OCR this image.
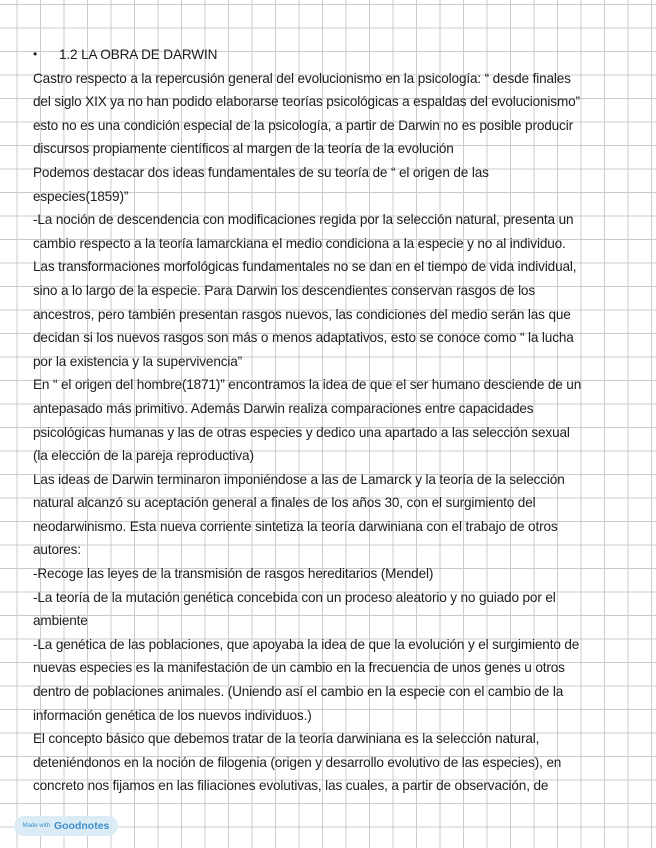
•	1.2 LA OBRA DE DARWIN
Castro respecto a la repercusión general del evolucionismo en la psicología: “ desde finales
del siglo XIX ya no han podido elaborarse teorías psicológicas a espaldas del evolucionismo”
esto no es una condición especial de la psicología, a partir de Darwin no es posible producir
discursos propiamente científicos al margen de la teoría de la evolución
Podemos destacar dos ideas fundamentales de su teoría de “ el origen de las
especies(1859)”
-La noción de descendencia con modificaciones regida por la selección natural, presenta un
cambio respecto a la teoría lamarckiana el medio condiciona a la especie y no al individuo.
Las transformaciones morfológicas fundamentales no se dan en el tiempo de vida individual,
sino a lo largo de la especie. Para Darwin los descendientes conservan rasgos de los
ancestros, pero también presentan rasgos nuevos, las condiciones del medio serán las que
decidan si los nuevos rasgos son más o menos adaptativos, esto se conoce como “ la lucha
por la existencia y la supervivencia”
En “ el origen del hombre(1871)” encontramos la idea de que el ser humano desciende de un
antepasado más primitivo. Además Darwin realiza comparaciones entre capacidades
psicológicas humanas y las de otras especies y dedico una apartado a las selección sexual
(la elección de la pareja reproductiva)
Las ideas de Darwin terminaron imponiéndose a las de Lamarck y la teoría de la selección
natural alcanzó su aceptación general a finales de los años 30, con el surgimiento del
neodarwinismo. Esta nueva corriente sintetiza la teoría darwiniana con el trabajo de otros
autores:
-Recoge las leyes de la transmisión de rasgos hereditarios (Mendel)
-La teoría de la mutación genética concebida con un proceso aleatorio y no guiado por el
ambiente
-La genética de las poblaciones, que apoyaba la idea de que la evolución y el surgimiento de
nuevas especies es la manifestación de un cambio en la frecuencia de unos genes u otros
dentro de poblaciones animales. (Uniendo así el cambio en la especie con el cambio de la
información genética de los nuevos individuos.)
El concepto básico que debemos tratar de la teoría darwiniana es la selección natural,
deteniéndonos en la noción de filogenia (origen y desarrollo evolutivo de las especies), en
concreto nos fijamos en las filiaciones evolutivas, las cuales, a partir de observación, de
Made with Goodnotes
